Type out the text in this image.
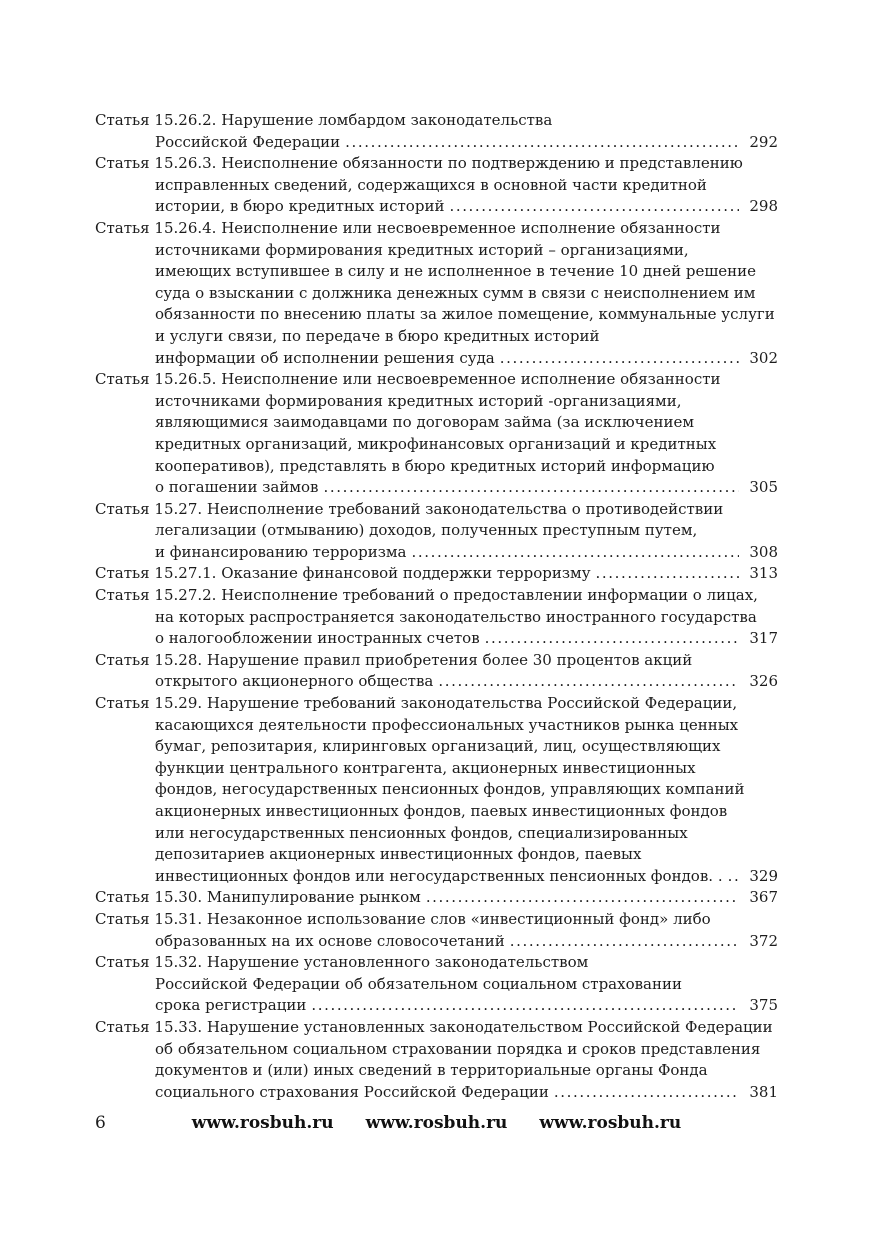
Статья 15.26.2. Нарушение ломбардом законодательства
Российской Федерации .....	292
Статья 15.26.3. Неисполнение обязанности по подтверждению и представлению
исправленных сведений, содержащихся в основной части кредитной
истории, в бюро кредитных историй .....	298
Статья 15.26.4. Неисполнение или несвоевременное исполнение обязанности
источниками формирования кредитных историй – организациями,
имеющих вступившее в силу и не исполненное в течение 10 дней решение
суда о взыскании с должника денежных сумм в связи с неисполнением им
обязанности по внесению платы за жилое помещение, коммунальные услуги
и услуги связи, по передаче в бюро кредитных историй
информации об исполнении решения суда .....	302
Статья 15.26.5. Неисполнение или несвоевременное исполнение обязанности
источниками формирования кредитных историй -организациями,
являющимися заимодавцами по договорам займа (за исключением
кредитных организаций, микрофинансовых организаций и кредитных
кооперативов), представлять в бюро кредитных историй информацию
о погашении займов .....	305
Статья 15.27. Неисполнение требований законодательства о противодействии
легализации (отмыванию) доходов, полученных преступным путем,
и финансированию терроризма .....	308
Статья 15.27.1. Оказание финансовой поддержки терроризму .....	313
Статья 15.27.2. Неисполнение требований о предоставлении информации о лицах,
на которых распространяется законодательство иностранного государства
о налогообложении иностранных счетов .....	317
Статья 15.28. Нарушение правил приобретения более 30 процентов акций
открытого акционерного общества .....	326
Статья 15.29. Нарушение требований законодательства Российской Федерации,
касающихся деятельности профессиональных участников рынка ценных
бумаг, репозитария, клиринговых организаций, лиц, осуществляющих
функции центрального контрагента, акционерных инвестиционных
фондов, негосударственных пенсионных фондов, управляющих компаний
акционерных инвестиционных фондов, паевых инвестиционных фондов
или негосударственных пенсионных фондов, специализированных
депозитариев акционерных инвестиционных фондов, паевых
инвестиционных фондов или негосударственных пенсионных фондов. . ..... 329
Статья 15.30. Манипулирование рынком .....	367
Статья 15.31. Незаконное использование слов «инвестиционный фонд» либо
образованных на их основе словосочетаний .....	372
Статья 15.32. Нарушение установленного законодательством
Российской Федерации об обязательном социальном страховании
срока регистрации .....	375
Статья 15.33. Нарушение установленных законодательством Российской Федерации
об обязательном социальном страховании порядка и сроков представления
документов и (или) иных сведений в территориальные органы Фонда
социального страхования Российской Федерации .....	381
6	www.rosbuh.ru www.rosbuh.ru www.rosbuh.ru
